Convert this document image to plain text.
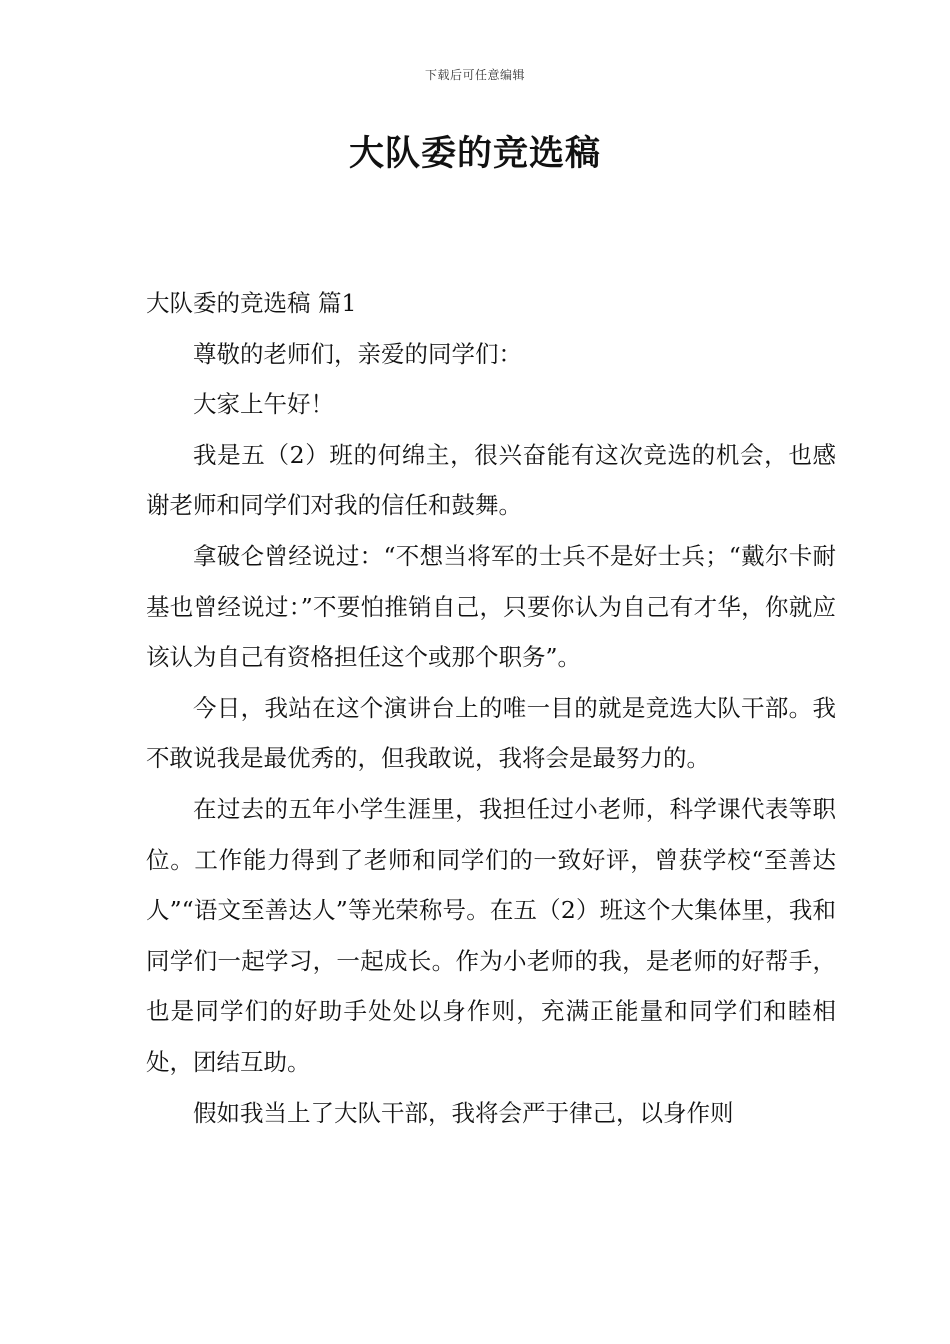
下载后可任意编辑
大队委的竞选稿

大队委的竞选稿 篇1

尊敬的老师们，亲爱的同学们：

大家上午好！

我是五（2）班的何绵主，很兴奋能有这次竞选的机会，也感谢老师和同学们对我的信任和鼓舞。

拿破仑曾经说过：“不想当将军的士兵不是好士兵；“戴尔卡耐基也曾经说过：”不要怕推销自己，只要你认为自己有才华，你就应该认为自己有资格担任这个或那个职务”。

今日，我站在这个演讲台上的唯一目的就是竞选大队干部。我不敢说我是最优秀的，但我敢说，我将会是最努力的。

在过去的五年小学生涯里，我担任过小老师，科学课代表等职位。工作能力得到了老师和同学们的一致好评，曾获学校“至善达人”“语文至善达人”等光荣称号。在五（2）班这个大集体里，我和同学们一起学习，一起成长。作为小老师的我，是老师的好帮手，也是同学们的好助手处处以身作则，充满正能量和同学们和睦相处，团结互助。

假如我当上了大队干部，我将会严于律己，以身作则
